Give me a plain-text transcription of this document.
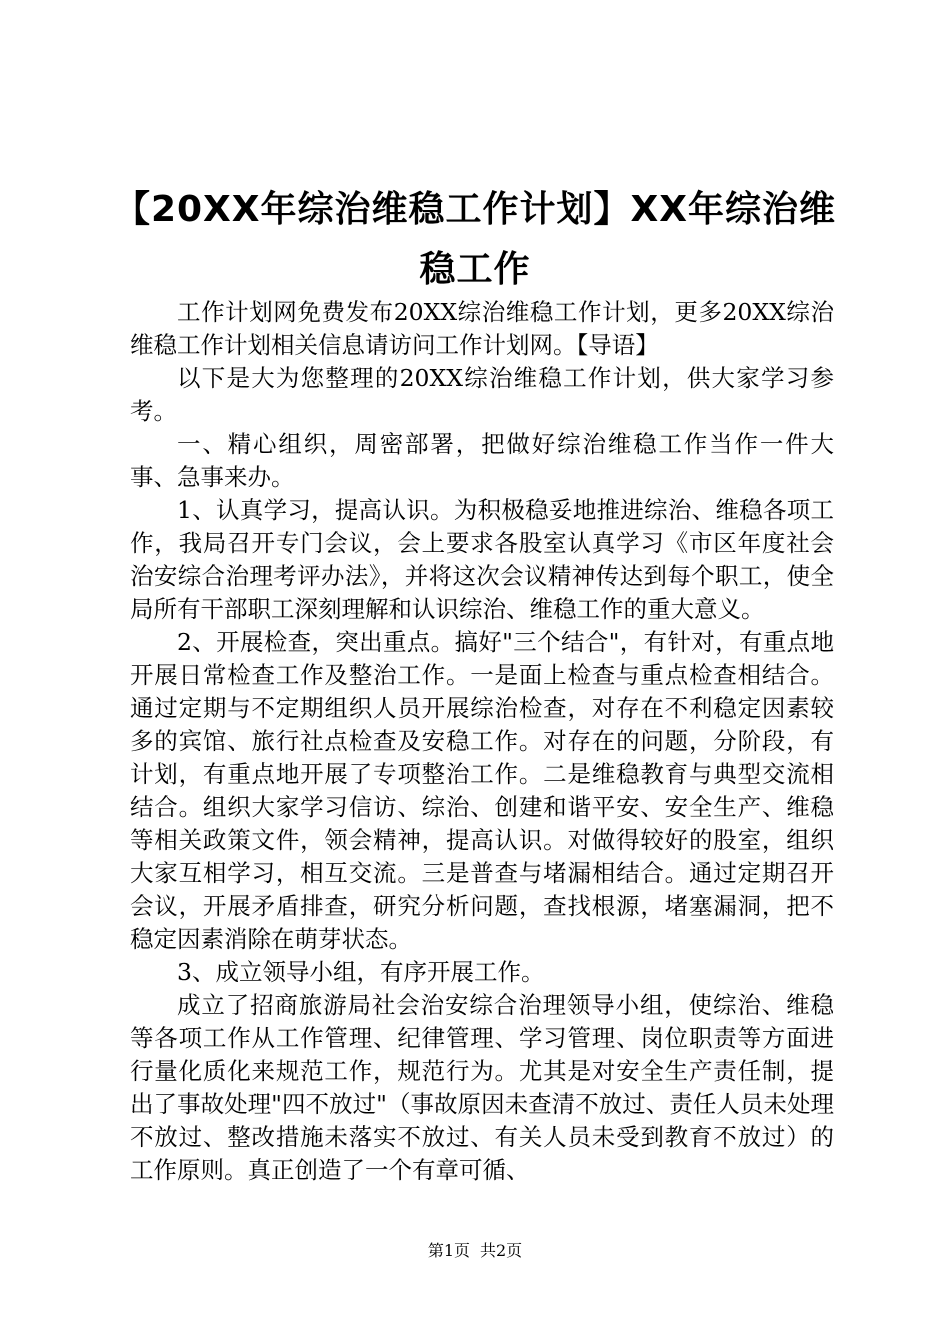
【20XX年综治维稳工作计划】XX年综治维稳工作

工作计划网免费发布20XX综治维稳工作计划，更多20XX综治维稳工作计划相关信息请访问工作计划网。【导语】

以下是大为您整理的20XX综治维稳工作计划，供大家学习参考。

一、精心组织，周密部署，把做好综治维稳工作当作一件大事、急事来办。

1、认真学习，提高认识。为积极稳妥地推进综治、维稳各项工作，我局召开专门会议，会上要求各股室认真学习《市区年度社会治安综合治理考评办法》，并将这次会议精神传达到每个职工，使全局所有干部职工深刻理解和认识综治、维稳工作的重大意义。

2、开展检查，突出重点。搞好"三个结合"，有针对，有重点地开展日常检查工作及整治工作。一是面上检查与重点检查相结合。通过定期与不定期组织人员开展综治检查，对存在不利稳定因素较多的宾馆、旅行社点检查及安稳工作。对存在的问题，分阶段，有计划，有重点地开展了专项整治工作。二是维稳教育与典型交流相结合。组织大家学习信访、综治、创建和谐平安、安全生产、维稳等相关政策文件，领会精神，提高认识。对做得较好的股室，组织大家互相学习，相互交流。三是普查与堵漏相结合。通过定期召开会议，开展矛盾排查，研究分析问题，查找根源，堵塞漏洞，把不稳定因素消除在萌芽状态。

3、成立领导小组，有序开展工作。

成立了招商旅游局社会治安综合治理领导小组，使综治、维稳等各项工作从工作管理、纪律管理、学习管理、岗位职责等方面进行量化质化来规范工作，规范行为。尤其是对安全生产责任制，提出了事故处理"四不放过"（事故原因未查清不放过、责任人员未处理不放过、整改措施未落实不放过、有关人员未受到教育不放过）的工作原则。真正创造了一个有章可循、

第1页 共2页
